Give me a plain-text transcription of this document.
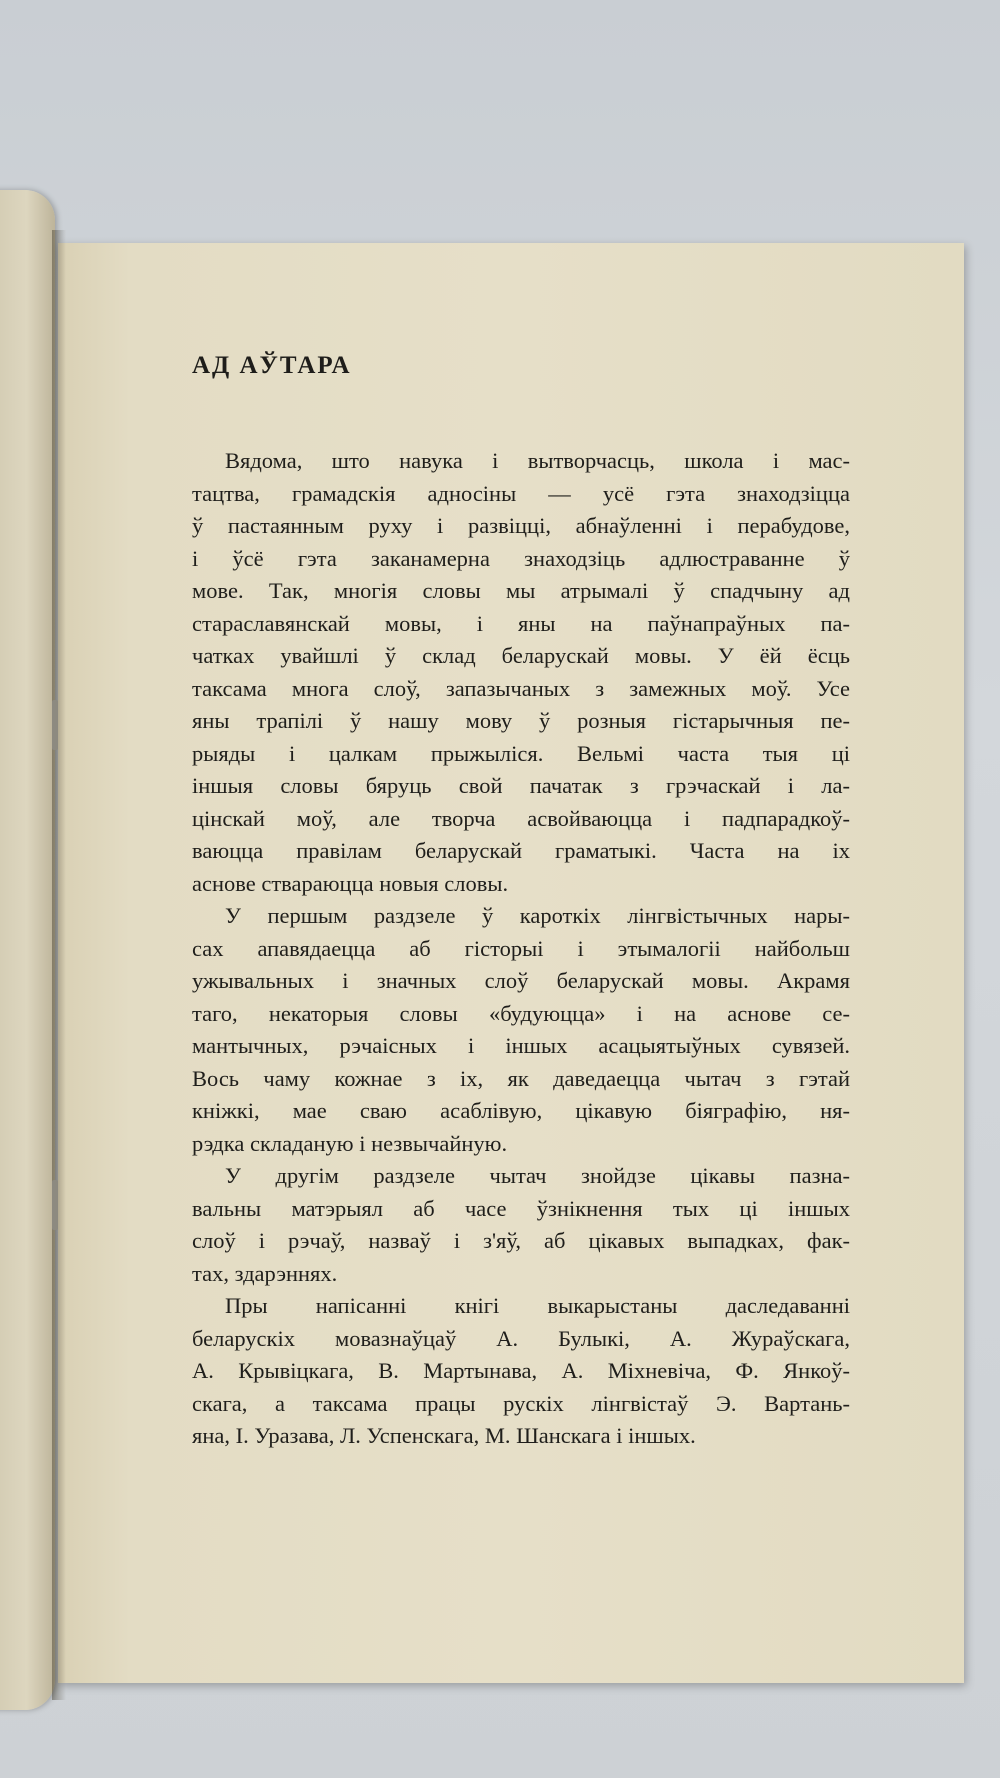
АД АЎТАРА
Вядома, што навука і вытворчасць, школа і мас-
тацтва, грамадскія адносіны — усё гэта знаходзіцца
ў пастаянным руху і развіцці, абнаўленні і перабудове,
і ўсё гэта заканамерна знаходзіць адлюстраванне ў
мове. Так, многія словы мы атрымалі ў спадчыну ад
старaславянскай мовы, і яны на паўнапраўных па-
чатках увайшлі ў склад беларускай мовы. У ёй ёсць
таксама многа слоў, запазычаных з замежных моў. Усе
яны трапілі ў нашу мову ў розныя гістарычныя пе-
рыяды і цалкам прыжыліся. Вельмі часта тыя ці
іншыя словы бяруць свой пачатак з грэчаскай і ла-
цінскай моў, але творча асвойваюцца і падпарадкоў-
ваюцца правілам беларускай граматыкі. Часта на іх
аснове ствараюцца новыя словы.
У першым раздзеле ў кароткіх лінгвістычных нары-
сах апавядаецца аб гісторыі і этымалогіі найбольш
ужывальных і значных слоў беларускай мовы. Акрамя
таго, некаторыя словы «будуюцца» і на аснове се-
мантычных, рэчаісных і іншых асацыятыўных сувязей.
Вось чаму кожнае з іх, як даведаецца чытач з гэтай
кніжкі, мае сваю асаблівую, цікавую біяграфію, ня-
рэдка складаную і незвычайную.
У другім раздзеле чытач знойдзе цікавы пазна-
вальны матэрыял аб часе ўзнікнення тых ці іншых
слоў і рэчаў, назваў і з'яў, аб цікавых выпадках, фак-
тах, здарэннях.
Пры напісанні кнігі выкарыстаны даследаванні
беларускіх мовазнаўцаў А. Булыкі, А. Жураўскага,
А. Крывіцкага, В. Мартынава, А. Міхневіча, Ф. Янкоў-
скага, а таксама працы рускіх лінгвістаў Э. Вартань-
яна, І. Уразава, Л. Успенскага, М. Шанскага і іншых.
